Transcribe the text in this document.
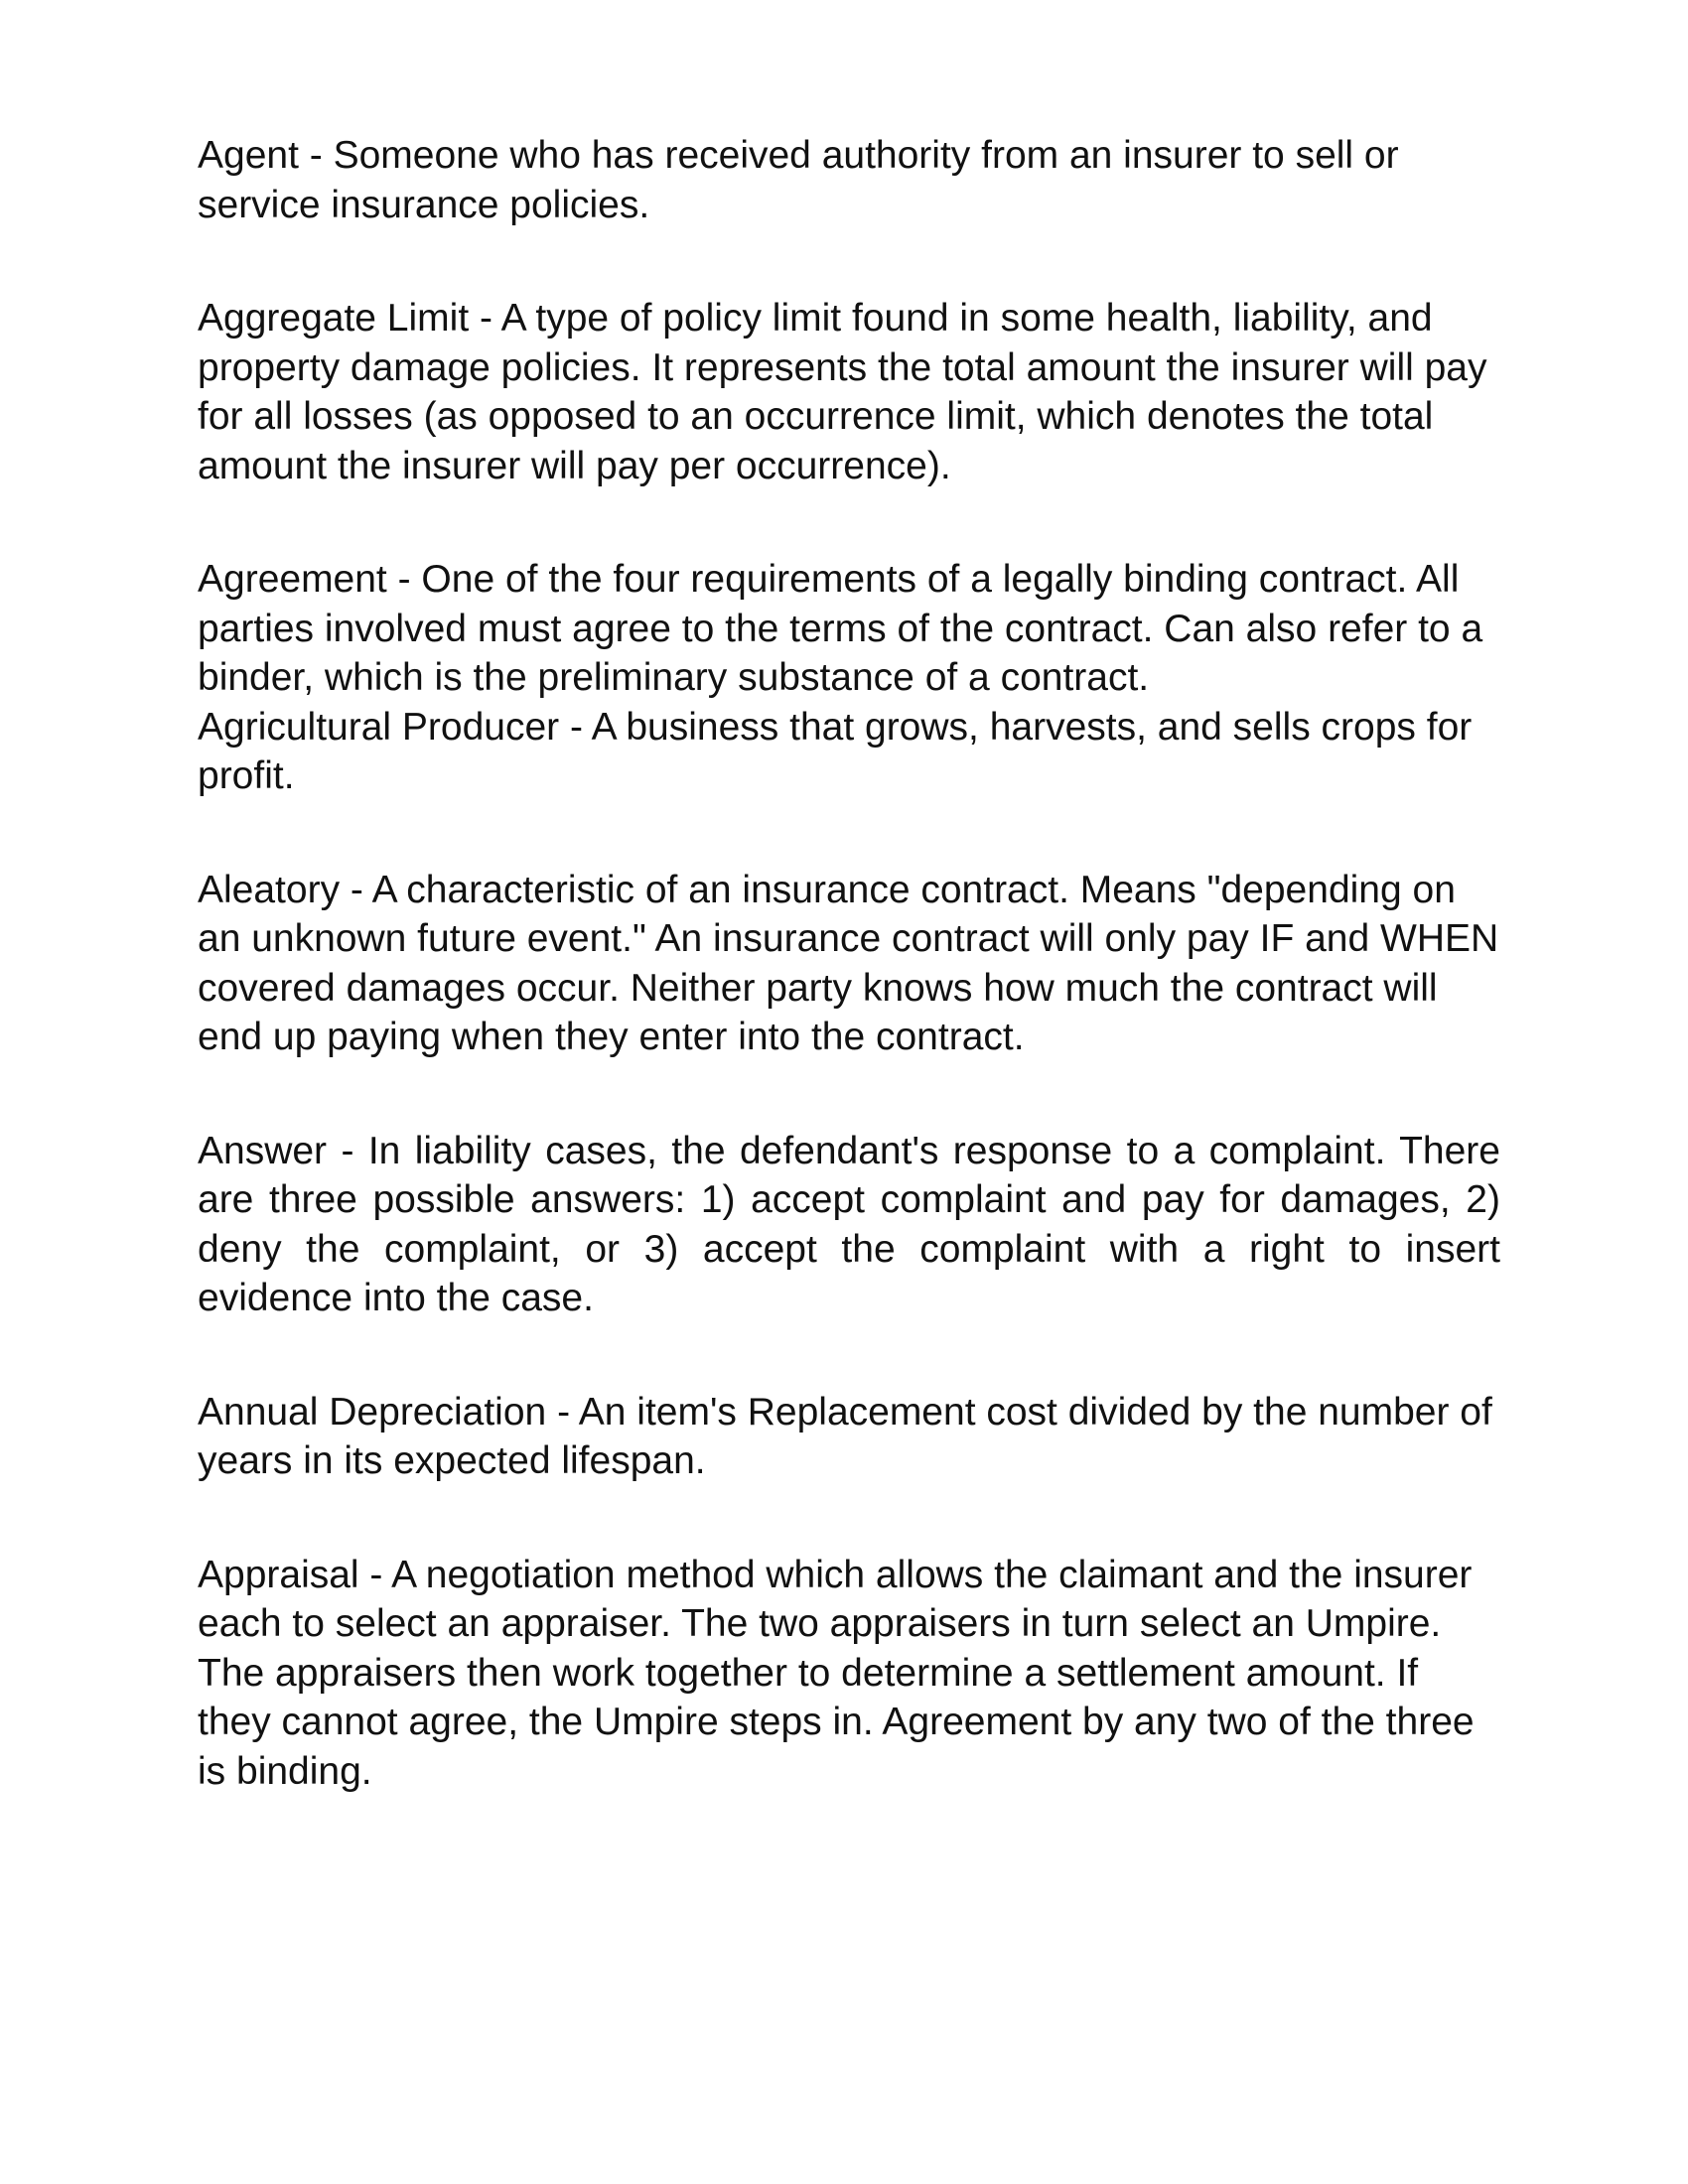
Agent - Someone who has received authority from an insurer to sell or service insurance policies.

Aggregate Limit - A type of policy limit found in some health, liability, and property damage policies. It represents the total amount the insurer will pay for all losses (as opposed to an occurrence limit, which denotes the total amount the insurer will pay per occurrence).

Agreement - One of the four requirements of a legally binding contract. All parties involved must agree to the terms of the contract. Can also refer to a binder, which is the preliminary substance of a contract.

Agricultural Producer - A business that grows, harvests, and sells crops for profit.

Aleatory - A characteristic of an insurance contract. Means "depending on an unknown future event." An insurance contract will only pay IF and WHEN covered damages occur. Neither party knows how much the contract will end up paying when they enter into the contract.

Answer - In liability cases, the defendant's response to a complaint. There are three possible answers: 1) accept complaint and pay for damages, 2) deny the complaint, or 3) accept the complaint with a right to insert evidence into the case.

Annual Depreciation - An item's Replacement cost divided by the number of years in its expected lifespan.

Appraisal - A negotiation method which allows the claimant and the insurer each to select an appraiser. The two appraisers in turn select an Umpire. The appraisers then work together to determine a settlement amount. If they cannot agree, the Umpire steps in. Agreement by any two of the three is binding.
